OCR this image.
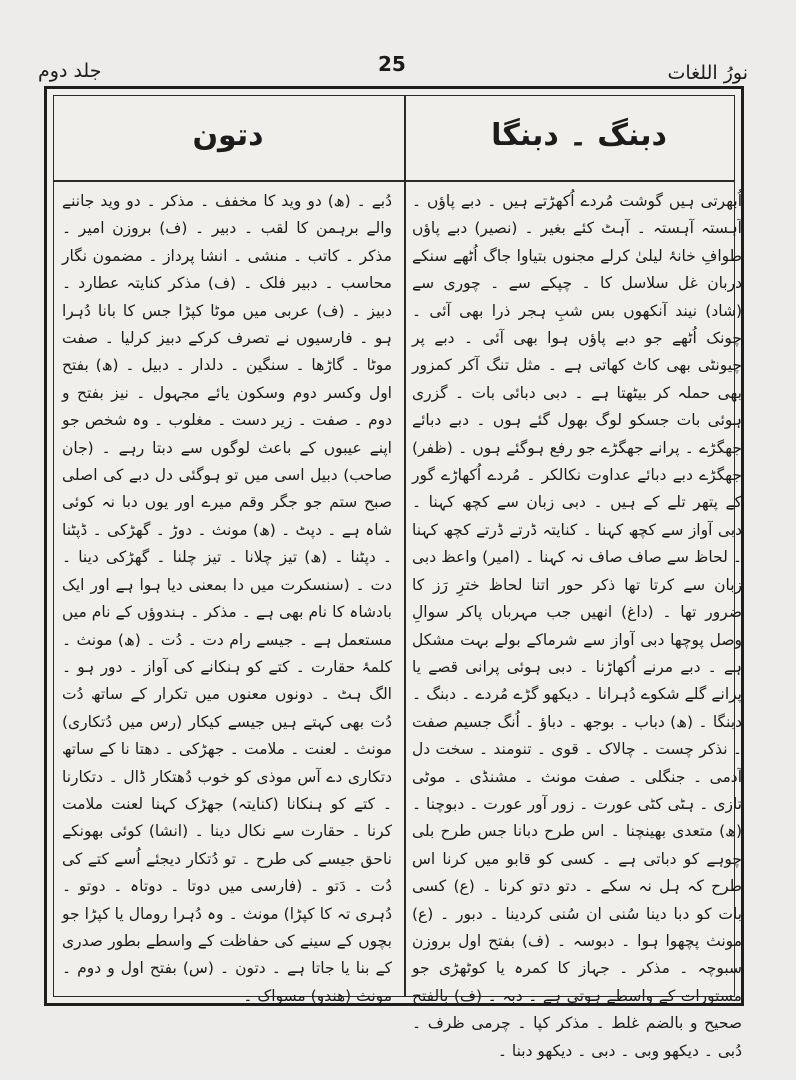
جلد دوم	25	نورُ اللغات
دبنگ ۔ دبنگا
دتون

اُبھرتی ہیں گوشت مُردے اُکھڑتے ہیں ۔ دبے پاؤں ۔ آہستہ آہستہ ۔ آہٹ کئے بغیر ۔ (نصیر) دبے پاؤں طوافِ خانۂ لیلیٰ کرلے مجنوں بتیاوا جاگ اُٹھے سنکے دربان غل سلاسل کا ۔ چپکے سے ۔ چوری سے (شاد) نیند آنکھوں بس شبِ ہجر ذرا بھی آئی ۔ چونک اُٹھے جو دبے پاؤں ہوا بھی آئی ۔ دبے پر چیونٹی بھی کاٹ کھاتی ہے ۔ مثل تنگ آکر کمزور بھی حملہ کر بیٹھتا ہے ۔ دبی دبائی بات ۔ گزری ہوئی بات جسکو لوگ بھول گئے ہوں ۔ دبے دبائے جھگڑے ۔ پرانے جھگڑے جو رفع ہوگئے ہوں ۔ (ظفر) جھگڑے دبے دبائے عداوت نکالکر ۔ مُردے اُکھاڑے گور کے پتھر تلے کے ہیں ۔ دبی زبان سے کچھ کہنا ۔ دبی آواز سے کچھ کہنا ۔ کنایتہ ڈرتے ڈرتے کچھ کہنا ۔ لحاظ سے صاف صاف نہ کہنا ۔ (امیر) واعظ دبی زبان سے کرتا تھا ذکر حور اتنا لحاظ خترِ رَز کا ضرور تھا ۔ (داغ) انھیں جب مہرباں پاکر سوالِ وصل پوچھا دبی آواز سے شرماکے بولے بہت مشکل ہے ۔ دبے مرنے اُکھاڑنا ۔ دبی ہوئی پرانی قصے یا پرانے گلے شکوے دُہرانا ۔ دیکھو گڑے مُردے ۔ دبنگ ۔ دبنگا ۔ (ھ) دباب ۔ بوجھ ۔ دباؤ ۔ اُنگ جسیم صفت ۔ نذکر چست ۔ چالاک ۔ قوی ۔ تنومند ۔ سخت دل آدمی ۔ جنگلی ۔ صفت مونث ۔ مشنڈی ۔ موٹی تازی ۔ ہٹی کٹی عورت ۔ زور آور عورت ۔ دبوچنا ۔ (ھ) متعدی بھینچنا ۔ اس طرح دبانا جس طرح بلی چوہے کو دباتی ہے ۔ کسی کو قابو میں کرنا اس طرح کہ ہل نہ سکے ۔ دتو دتو کرنا ۔ (ع) کسی بات کو دبا دینا سُنی ان سُنی کردینا ۔ دبور ۔ (ع) مونث پچھوا ہوا ۔ دبوسہ ۔ (ف) بفتح اول بروزن سبوچہ ۔ مذکر ۔ جہاز کا کمرہ یا کوٹھڑی جو مستورات کے واسطے ہوتی ہے ۔ دبہ ۔ (ف) بالفتح صحیح و بالضم غلط ۔ مذکر کپا ۔ چرمی ظرف ۔ دُبی ۔ دیکھو وبی ۔ دبی ۔ دیکھو دبنا ۔

دُبے ۔ (ھ) دو وید کا مخفف ۔ مذکر ۔ دو وید جاننے والے برہمن کا لقب ۔ دبیر ۔ (ف) بروزن امیر ۔ مذکر ۔ کاتب ۔ منشی ۔ انشا پرداز ۔ مضمون نگار محاسب ۔ دبیر فلک ۔ (ف) مذکر کنایتہ عطارد ۔ دبیز ۔ (ف) عربی میں موٹا کپڑا جس کا بانا دُہرا ہو ۔ فارسیوں نے تصرف کرکے دبیز کرلیا ۔ صفت موٹا ۔ گاڑھا ۔ سنگین ۔ دلدار ۔ دبیل ۔ (ھ) بفتح اول وکسر دوم وسکون یائے مجہول ۔ نیز بفتح و دوم ۔ صفت ۔ زیر دست ۔ مغلوب ۔ وہ شخص جو اپنے عیبوں کے باعث لوگوں سے دبتا رہے ۔ (جان صاحب) دبیل اسی میں تو ہوگئی دل دبے کی اصلی صبح ستم جو جگر وقم میرے اور یوں دبا نہ کوئی شاہ ہے ۔ دپٹ ۔ (ھ) مونث ۔ دوڑ ۔ گھڑکی ۔ ڈپٹنا ۔ دپٹنا ۔ (ھ) تیز چلانا ۔ تیز چلنا ۔ گھڑکی دینا ۔ دت ۔ (سنسکرت میں دا بمعنی دیا ہوا ہے اور ایک بادشاہ کا نام بھی ہے ۔ مذکر ۔ ہندوؤں کے نام میں مستعمل ہے ۔ جیسے رام دت ۔ دُت ۔ (ھ) مونث ۔ کلمۂ حقارت ۔ کتے کو ہنکانے کی آواز ۔ دور ہو ۔ الگ ہٹ ۔ دونوں معنوں میں تکرار کے ساتھ دُت دُت بھی کہتے ہیں جیسے کیکار (رس میں دُتکاری) مونث ۔ لعنت ۔ ملامت ۔ جھڑکی ۔ دھتا نا کے ساتھ دتکاری دے آس موذی کو خوب دُھتکار ڈال ۔ دتکارنا ۔ کتے کو ہنکانا (کنایتہ) جھڑک کہنا لعنت ملامت کرنا ۔ حقارت سے نکال دینا ۔ (انشا) کوئی بھونکے ناحق جیسے کی طرح ۔ تو دُتکار دیجئے اُسے کتے کی دُت ۔ دَتو ۔ (فارسی میں دوتا ۔ دوتاہ ۔ دوتو ۔ دُہری تہ کا کپڑا) مونث ۔ وہ دُہرا رومال یا کپڑا جو بچوں کے سینے کی حفاظت کے واسطے بطور صدری کے بنا یا جاتا ہے ۔ دتون ۔ (س) بفتح اول و دوم ۔ مونث (ھندو) مسواک ۔
